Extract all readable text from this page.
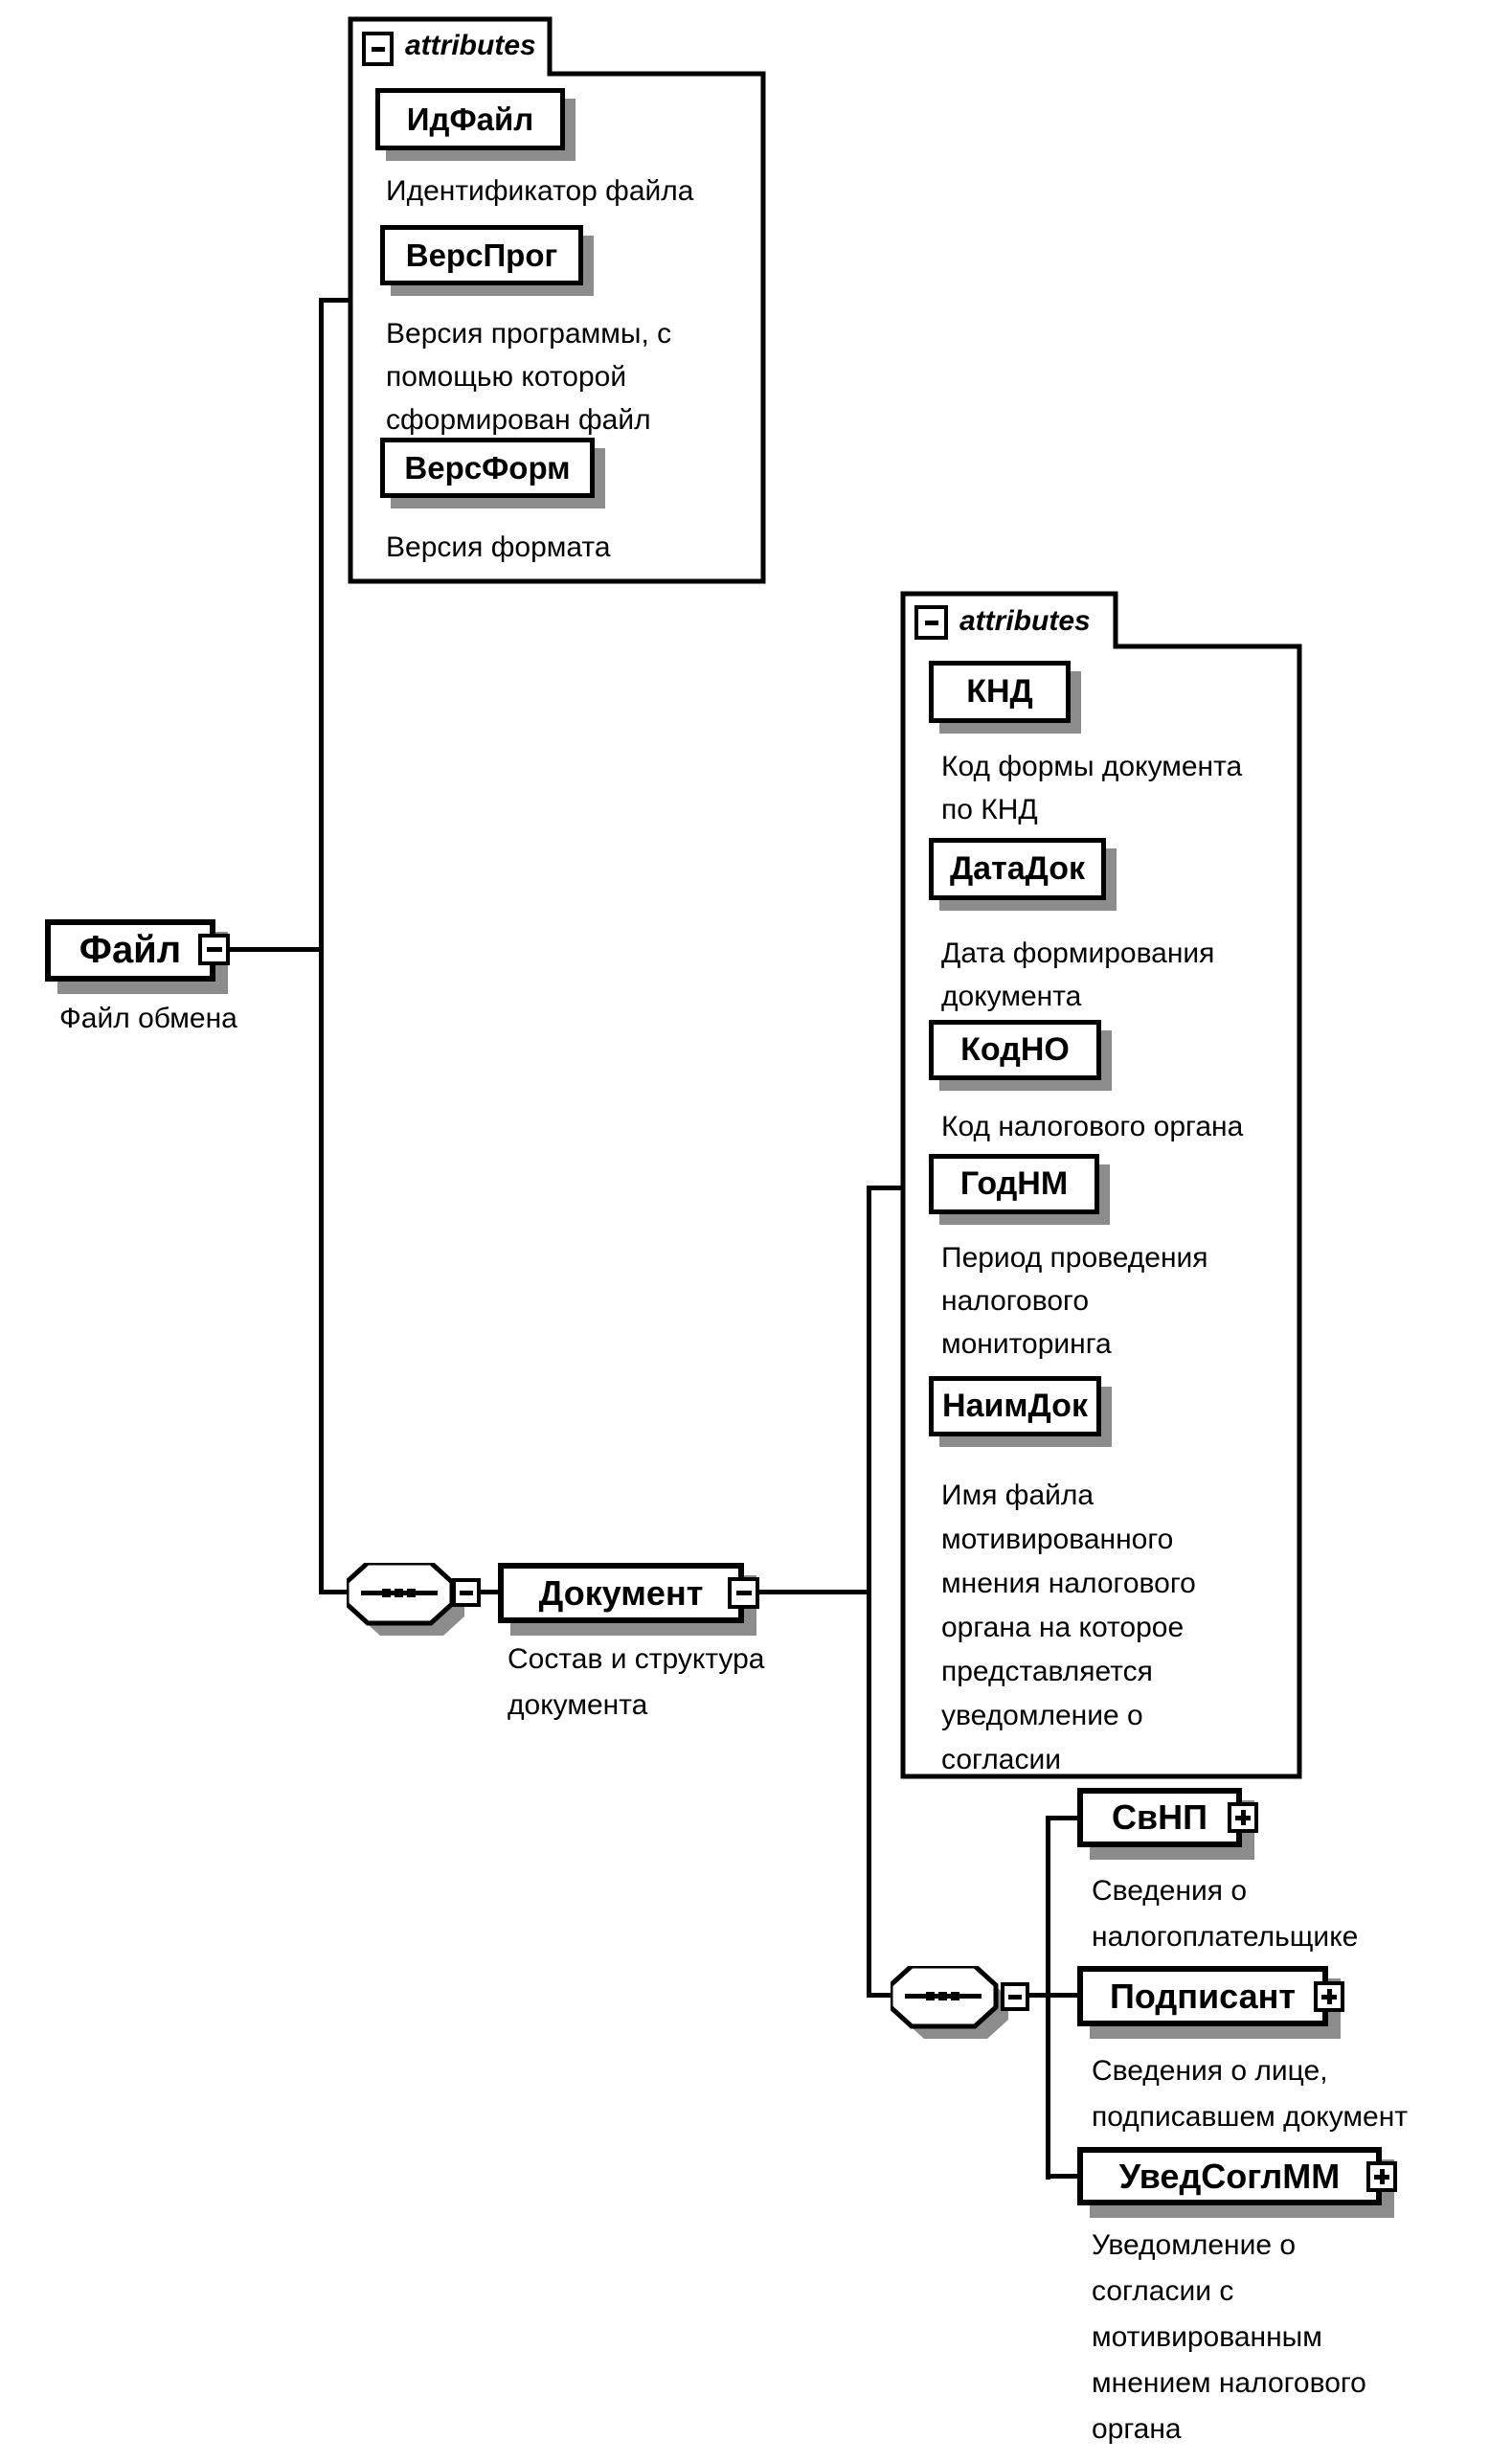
Файл
Файл обмена
attributes
ИдФайл
Идентификатор файла
ВерсПрог
Версия программы, с
помощью которой
сформирован файл
ВерсФорм
Версия формата
Документ
Состав и структура
документа
attributes
КНД
Код формы документа
по КНД
ДатаДок
Дата формирования
документа
КодНО
Код налогового органа
ГодНМ
Период проведения
налогового
мониторинга
НаимДок
Имя файла
мотивированного
мнения налогового
органа на которое
представляется
уведомление о
согласии
СвНП
Сведения о
налогоплательщике
Подписант
Сведения о лице,
подписавшем документ
УведСоглММ
Уведомление о
согласии с
мотивированным
мнением налогового
органа
